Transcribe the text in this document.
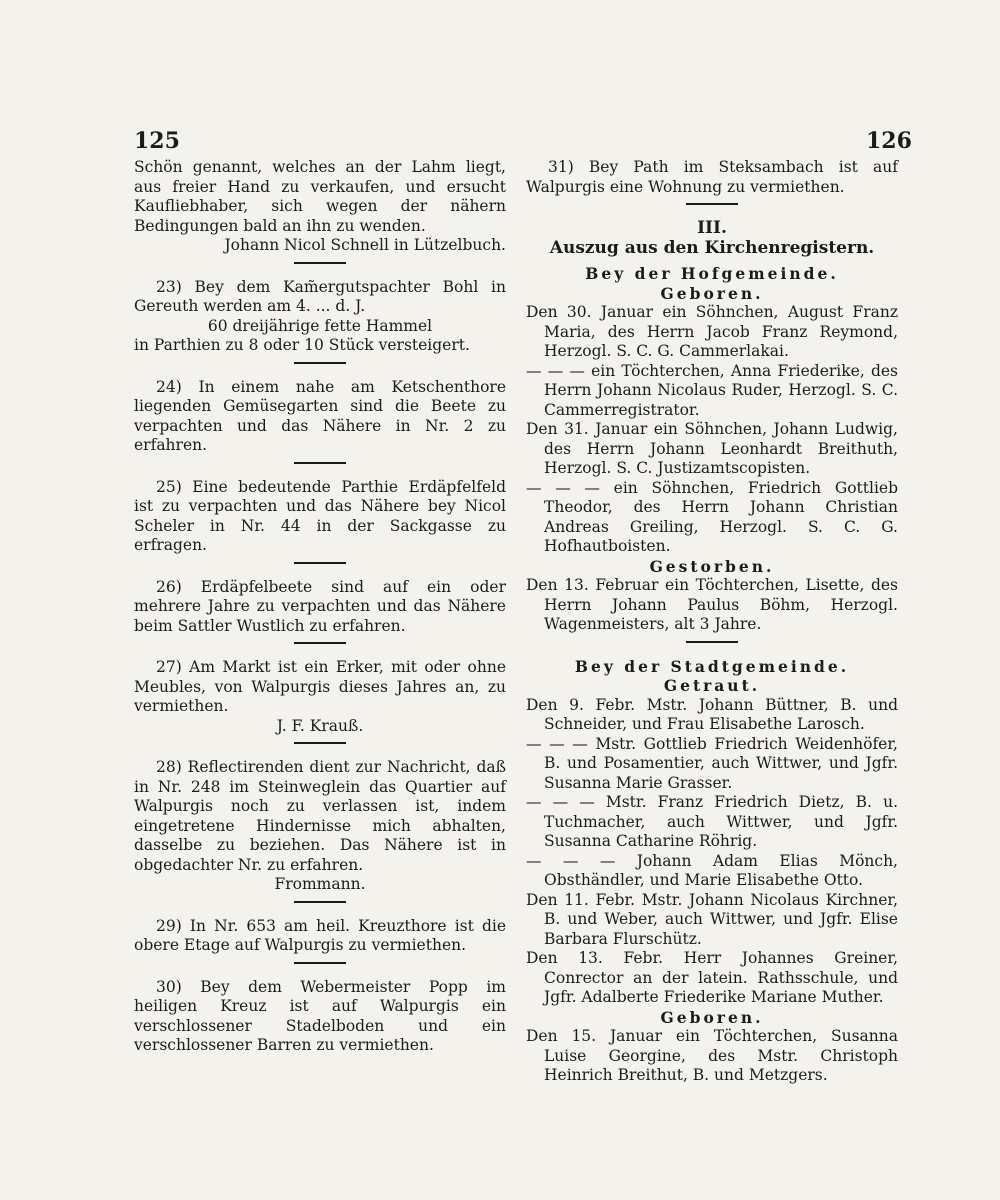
125	126

Schön genannt, welches an der Lahm liegt, aus freier Hand zu verkaufen, und ersucht Kaufliebhaber, sich wegen der nähern Bedingungen bald an ihn zu wenden.

Johann Nicol Schnell in Lützelbuch.

23) Bey dem Kam̃ergutspachter Bohl in Gereuth werden am 4. ... d. J.

60 dreijährige fette Hammel

in Parthien zu 8 oder 10 Stück versteigert.

24) In einem nahe am Ketschenthore liegenden Gemüsegarten sind die Beete zu verpachten und das Nähere in Nr. 2 zu erfahren.

25) Eine bedeutende Parthie Erdäpfelfeld ist zu verpachten und das Nähere bey Nicol Scheler in Nr. 44 in der Sackgasse zu erfragen.

26) Erdäpfelbeete sind auf ein oder mehrere Jahre zu verpachten und das Nähere beim Sattler Wustlich zu erfahren.

27) Am Markt ist ein Erker, mit oder ohne Meubles, von Walpurgis dieses Jahres an, zu vermiethen.

J. F. Krauß.

28) Reflectirenden dient zur Nachricht, daß in Nr. 248 im Steinweglein das Quartier auf Walpurgis noch zu verlassen ist, indem eingetretene Hindernisse mich abhalten, dasselbe zu beziehen. Das Nähere ist in obgedachter Nr. zu erfahren.

Frommann.

29) In Nr. 653 am heil. Kreuzthore ist die obere Etage auf Walpurgis zu vermiethen.

30) Bey dem Webermeister Popp im heiligen Kreuz ist auf Walpurgis ein verschlossener Stadelboden und ein verschlossener Barren zu vermiethen.

31) Bey Path im Steksambach ist auf Walpurgis eine Wohnung zu vermiethen.

III.

Auszug aus den Kirchenregistern.

Bey der Hofgemeinde.

Geboren.

Den 30. Januar ein Söhnchen, August Franz Maria, des Herrn Jacob Franz Reymond, Herzogl. S. C. G. Cammerlakai.

— — — ein Töchterchen, Anna Friederike, des Herrn Johann Nicolaus Ruder, Herzogl. S. C. Cammerregistrator.

Den 31. Januar ein Söhnchen, Johann Ludwig, des Herrn Johann Leonhardt Breithuth, Herzogl. S. C. Justizamtscopisten.

— — — ein Söhnchen, Friedrich Gottlieb Theodor, des Herrn Johann Christian Andreas Greiling, Herzogl. S. C. G. Hofhautboisten.

Gestorben.

Den 13. Februar ein Töchterchen, Lisette, des Herrn Johann Paulus Böhm, Herzogl. Wagenmeisters, alt 3 Jahre.

Bey der Stadtgemeinde.

Getraut.

Den 9. Febr. Mstr. Johann Büttner, B. und Schneider, und Frau Elisabethe Larosch.

— — — Mstr. Gottlieb Friedrich Weidenhöfer, B. und Posamentier, auch Wittwer, und Jgfr. Susanna Marie Grasser.

— — — Mstr. Franz Friedrich Dietz, B. u. Tuchmacher, auch Wittwer, und Jgfr. Susanna Catharine Röhrig.

— — — Johann Adam Elias Mönch, Obsthändler, und Marie Elisabethe Otto.

Den 11. Febr. Mstr. Johann Nicolaus Kirchner, B. und Weber, auch Wittwer, und Jgfr. Elise Barbara Flurschütz.

Den 13. Febr. Herr Johannes Greiner, Conrector an der latein. Rathsschule, und Jgfr. Adalberte Friederike Mariane Muther.

Geboren.

Den 15. Januar ein Töchterchen, Susanna Luise Georgine, des Mstr. Christoph Heinrich Breithut, B. und Metzgers.
